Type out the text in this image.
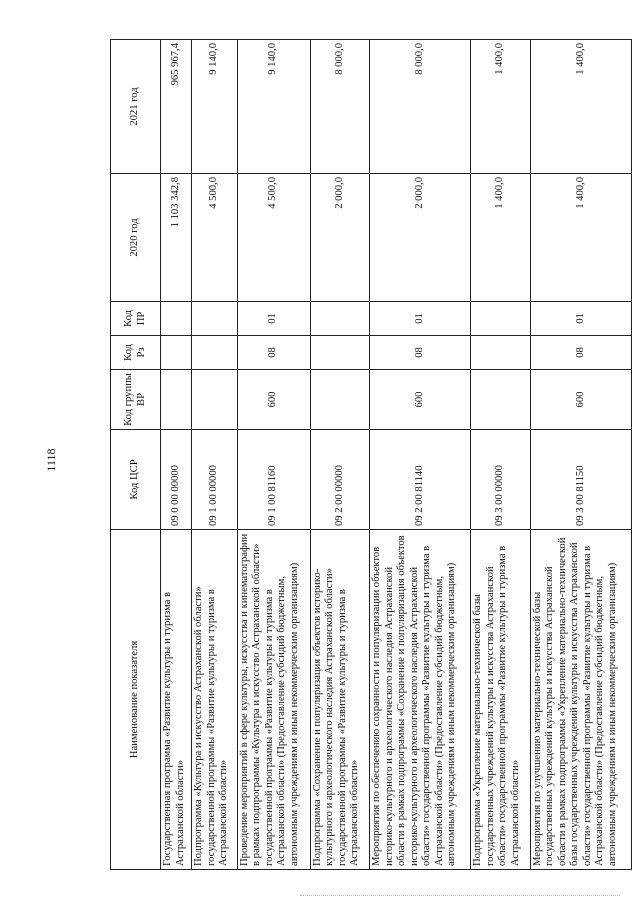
1118
Наименование показателя	Код ЦСР	Код группы ВР	Код Рз	Код ПР	2020 год	2021 год
Государственная программа «Развитие культуры и туризма в Астраханской области»	09 0 00 00000				1 103 342,8	965 967,4
Подпрограмма «Культура и искусство Астраханской области» государственной программы «Развитие культуры и туризма в Астраханской области»	09 1 00 00000				4 500,0	9 140,0
Проведение мероприятий в сфере культуры, искусства и кинематографии в рамках подпрограммы «Культура и искусство Астраханской области» государственной программы «Развитие культуры и туризма в Астраханской области» (Предоставление субсидий бюджетным, автономным учреждениям и иным некоммерческим организациям)	09 1 00 81160	600	08	01	4 500,0	9 140,0
Подпрограмма «Сохранение и популяризация объектов историко-культурного и археологического наследия Астраханской области» государственной программы «Развитие культуры и туризма в Астраханской области»	09 2 00 00000				2 000,0	8 000,0
Мероприятия по обеспечению сохранности и популяризации объектов историко-культурного и археологического наследия Астраханской области в рамках подпрограммы «Сохранение и популяризация объектов историко-культурного и археологического наследия Астраханской области» государственной программы «Развитие культуры и туризма в Астраханской области» (Предоставление субсидий бюджетным, автономным учреждениям и иным некоммерческим организациям)	09 2 00 81140	600	08	01	2 000,0	8 000,0
Подпрограмма «Укрепление материально-технической базы государственных учреждений культуры и искусства Астраханской области» государственной программы «Развитие культуры и туризма в Астраханской области»	09 3 00 00000				1 400,0	1 400,0
Мероприятия по улучшению материально-технической базы государственных учреждений культуры и искусства Астраханской области в рамках подпрограммы «Укрепление материально-технической базы государственных учреждений культуры и искусства Астраханской области» государственной программы «Развитие культуры и туризма в Астраханской области» (Предоставление субсидий бюджетным, автономным учреждениям и иным некоммерческим организациям)	09 3 00 81150	600	08	01	1 400,0	1 400,0
